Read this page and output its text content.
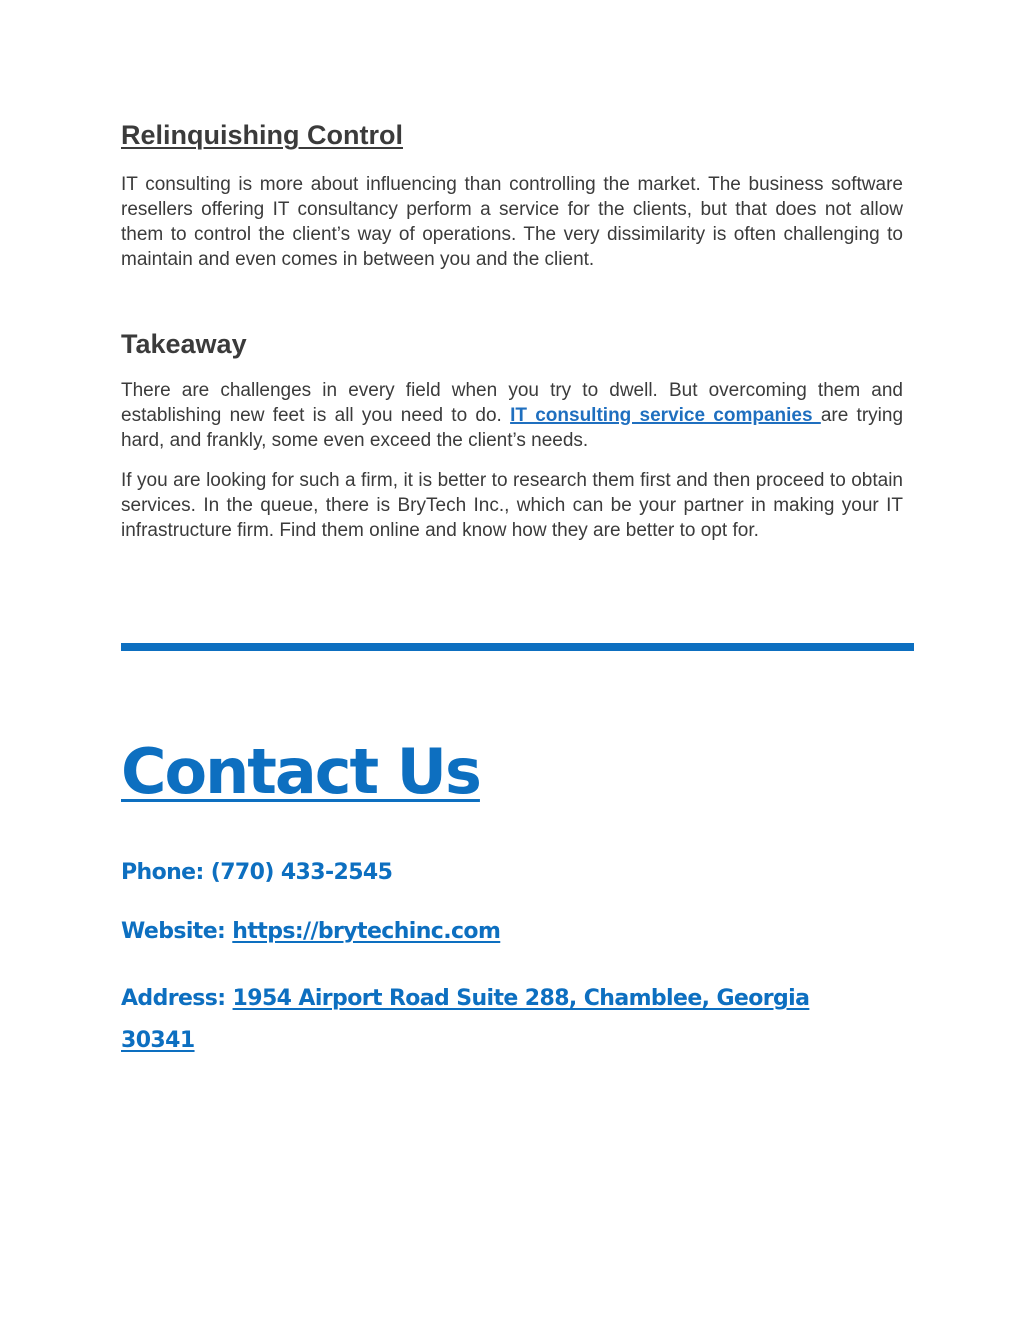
Relinquishing Control

IT consulting is more about influencing than controlling the market. The business software resellers offering IT consultancy perform a service for the clients, but that does not allow them to control the client’s way of operations. The very dissimilarity is often challenging to maintain and even comes in between you and the client.

Takeaway

There are challenges in every field when you try to dwell. But overcoming them and establishing new feet is all you need to do. IT consulting service companies are trying hard, and frankly, some even exceed the client’s needs.

If you are looking for such a firm, it is better to research them first and then proceed to obtain services. In the queue, there is BryTech Inc., which can be your partner in making your IT infrastructure firm. Find them online and know how they are better to opt for.

Contact Us

Phone: (770) 433-2545

Website: https://brytechinc.com

Address: 1954 Airport Road Suite 288, Chamblee, Georgia 30341
